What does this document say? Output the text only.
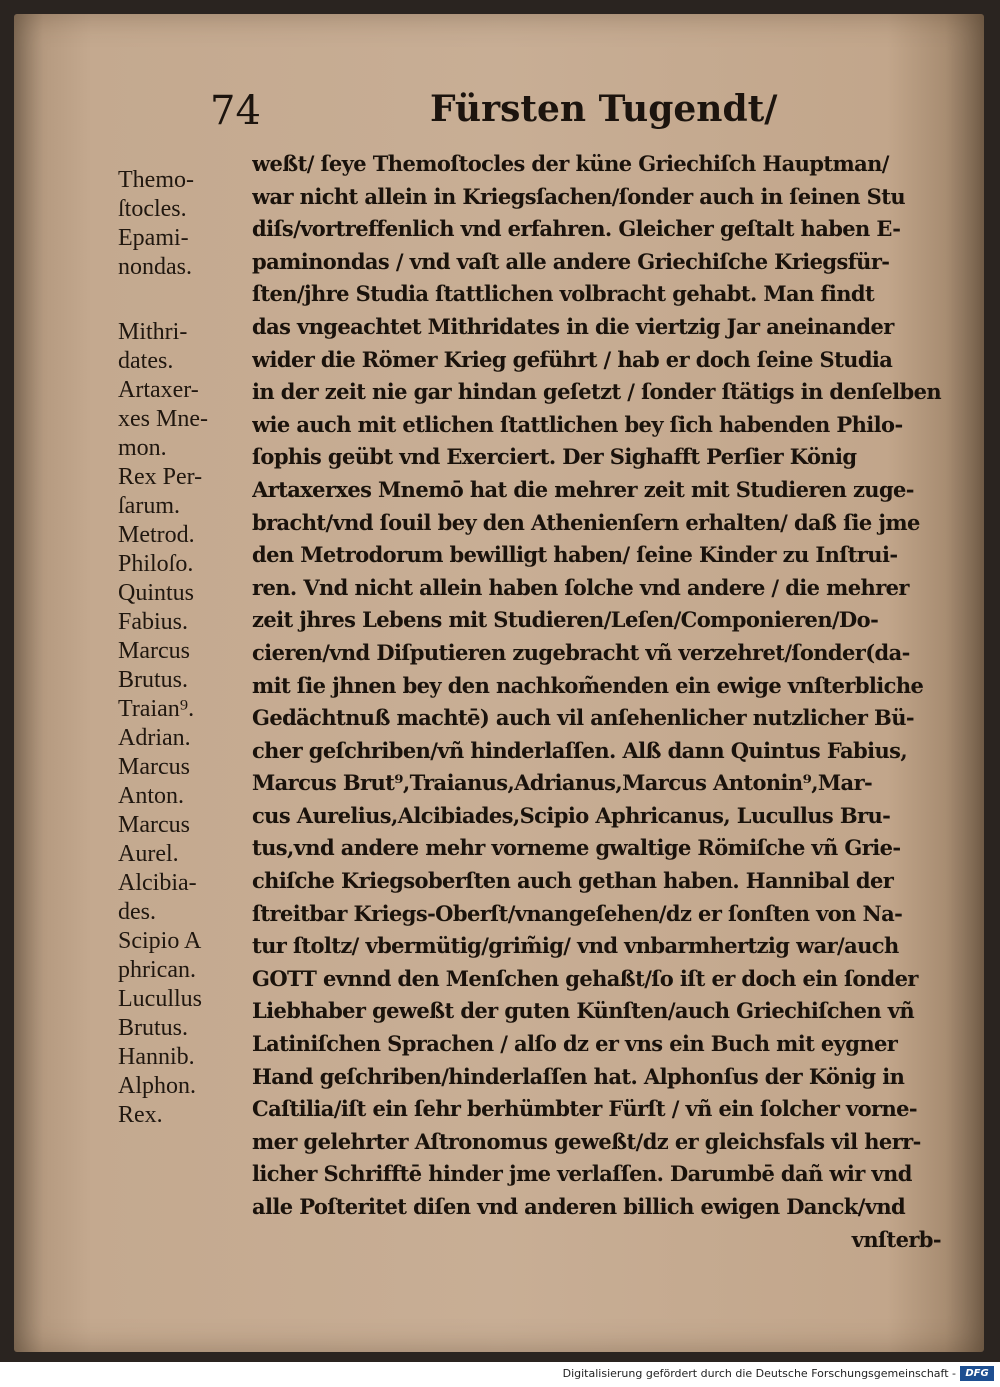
74	Fürsten Tugendt/
Themo-
ſtocles.
Epami-
nondas.
Mithri-
dates.
Artaxer-
xes Mne-
mon.
Rex Per-
ſarum.
Metrod.
Philoſo.
Quintus
Fabius.
Marcus
Brutus.
Traian⁹.
Adrian.
Marcus
Anton.
Marcus
Aurel.
Alcibia-
des.
Scipio A
phrican.
Lucullus
Brutus.
Hannib.
Alphon.
Rex.
weßt/ ſeye Themoſtocles der küne Griechiſch Hauptman/
war nicht allein in Kriegsſachen/ſonder auch in ſeinen Stu
diſs/vortreffenlich vnd erfahren. Gleicher geſtalt haben E-
paminondas / vnd vaſt alle andere Griechiſche Kriegsfür-
ſten/jhre Studia ſtattlichen volbracht gehabt. Man findt
das vngeachtet Mithridates in die viertzig Jar aneinander
wider die Römer Krieg geführt / hab er doch ſeine Studia
in der zeit nie gar hindan geſetzt / ſonder ſtätigs in denſelben
wie auch mit etlichen ſtattlichen bey ſich habenden Philo-
ſophis geübt vnd Exerciert. Der Sighafft Perſier König
Artaxerxes Mnemō hat die mehrer zeit mit Studieren zuge-
bracht/vnd ſouil bey den Athenienſern erhalten/ daß ſie jme
den Metrodorum bewilligt haben/ ſeine Kinder zu Inſtrui-
ren. Vnd nicht allein haben ſolche vnd andere / die mehrer
zeit jhres Lebens mit Studieren/Leſen/Componieren/Do-
cieren/vnd Diſputieren zugebracht vñ verzehret/ſonder(da-
mit ſie jhnen bey den nachkom̃enden ein ewige vnſterbliche
Gedächtnuß machtē) auch vil anſehenlicher nutzlicher Bü-
cher geſchriben/vñ hinderlaſſen. Alß dann Quintus Fabius,
Marcus Brut⁹,Traianus,Adrianus,Marcus Antonin⁹,Mar-
cus Aurelius,Alcibiades,Scipio Aphricanus, Lucullus Bru-
tus,vnd andere mehr vorneme gwaltige Römiſche vñ Grie-
chiſche Kriegsoberſten auch gethan haben. Hannibal der
ſtreitbar Kriegs-Oberſt/vnangeſehen/dz er ſonſten von Na-
tur ſtoltz/ vbermütig/grim̃ig/ vnd vnbarmhertzig war/auch
GOTT evnnd den Menſchen gehaßt/ſo iſt er doch ein ſonder
Liebhaber geweßt der guten Künſten/auch Griechiſchen vñ
Latiniſchen Sprachen / alſo dz er vns ein Buch mit eygner
Hand geſchriben/hinderlaſſen hat. Alphonſus der König in
Caſtilia/iſt ein ſehr berhümbter Fürſt / vñ ein ſolcher vorne-
mer gelehrter Aſtronomus geweßt/dz er gleichsfals vil herr-
licher Schrifftē hinder jme verlaſſen. Darumbē dañ wir vnd
alle Poſteritet diſen vnd anderen billich ewigen Danck/vnd
vnſterb-
Digitalisierung gefördert durch die Deutsche Forschungsgemeinschaft - DFG
